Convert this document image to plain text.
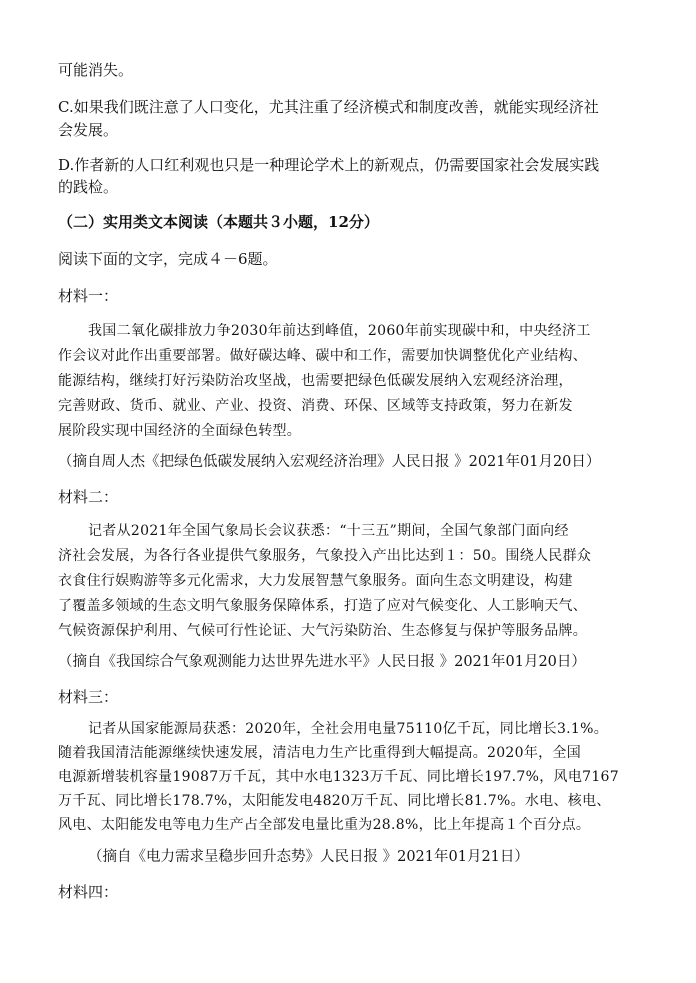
可能消失。
C.如果我们既注意了人口变化，尤其注重了经济模式和制度改善，就能实现经济社
会发展。
D.作者新的人口红利观也只是一种理论学术上的新观点，仍需要国家社会发展实践
的践检。
（二）实用类文本阅读（本题共３小题，12分）
阅读下面的文字，完成４－6题。
材料一：
我国二氧化碳排放力争2030年前达到峰值，2060年前实现碳中和，中央经济工
作会议对此作出重要部署。做好碳达峰、碳中和工作，需要加快调整优化产业结构、
能源结构，继续打好污染防治攻坚战，也需要把绿色低碳发展纳入宏观经济治理，
完善财政、货币、就业、产业、投资、消费、环保、区域等支持政策，努力在新发
展阶段实现中国经济的全面绿色转型。
（摘自周人杰《把绿色低碳发展纳入宏观经济治理》人民日报 》2021年01月20日）
材料二：
记者从2021年全国气象局长会议获悉：“十三五”期间，全国气象部门面向经
济社会发展，为各行各业提供气象服务，气象投入产出比达到１：50。围绕人民群众
衣食住行娱购游等多元化需求，大力发展智慧气象服务。面向生态文明建设，构建
了覆盖多领域的生态文明气象服务保障体系，打造了应对气候变化、人工影响天气、
气候资源保护利用、气候可行性论证、大气污染防治、生态修复与保护等服务品牌。
（摘自《我国综合气象观测能力达世界先进水平》人民日报 》2021年01月20日）
材料三：
记者从国家能源局获悉：2020年，全社会用电量75110亿千瓦，同比增长3.1%。
随着我国清洁能源继续快速发展，清洁电力生产比重得到大幅提高。2020年，全国
电源新增装机容量19087万千瓦，其中水电1323万千瓦、同比增长197.7%，风电7167
万千瓦、同比增长178.7%，太阳能发电4820万千瓦、同比增长81.7%。水电、核电、
风电、太阳能发电等电力生产占全部发电量比重为28.8%，比上年提高１个百分点。
（摘自《电力需求呈稳步回升态势》人民日报 》2021年01月21日）
材料四：
